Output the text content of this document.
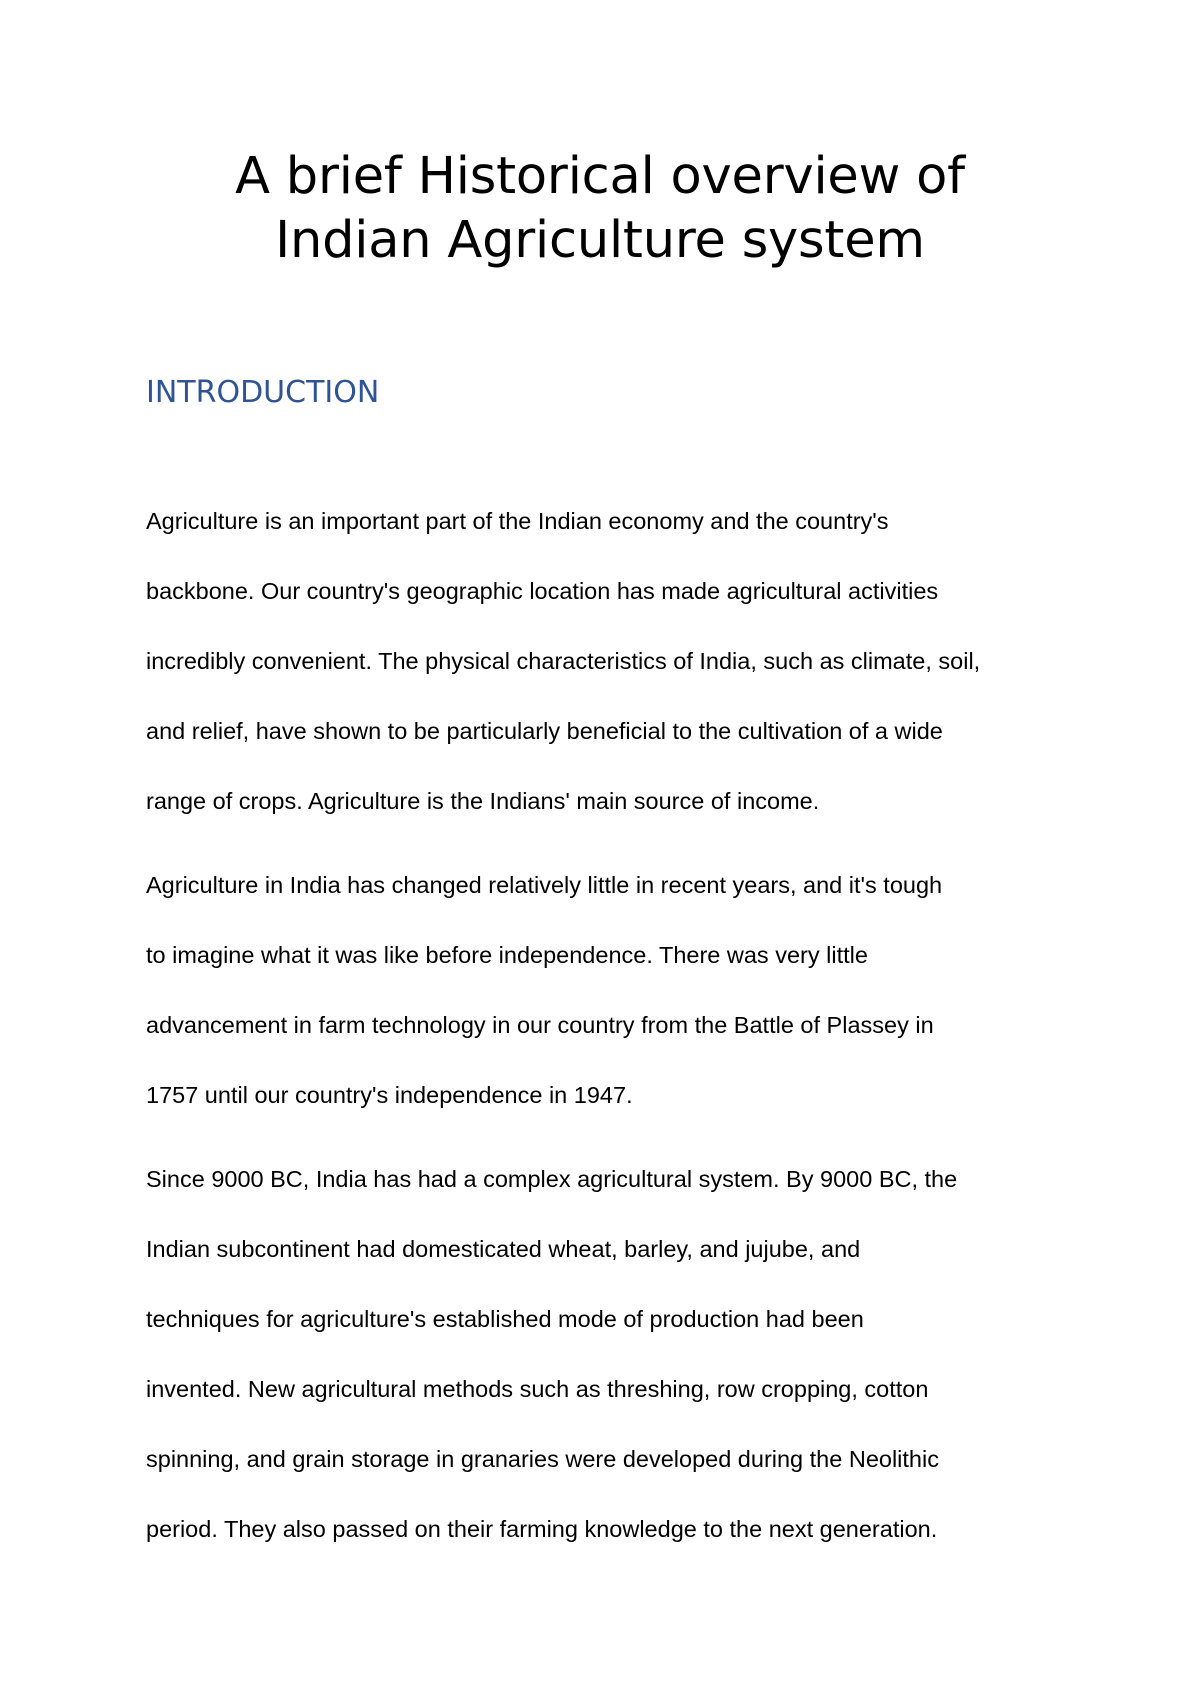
A brief Historical overview of
Indian Agriculture system
INTRODUCTION

Agriculture is an important part of the Indian economy and the country's

backbone. Our country's geographic location has made agricultural activities

incredibly convenient. The physical characteristics of India, such as climate, soil,

and relief, have shown to be particularly beneficial to the cultivation of a wide

range of crops. Agriculture is the Indians' main source of income.

Agriculture in India has changed relatively little in recent years, and it's tough

to imagine what it was like before independence. There was very little

advancement in farm technology in our country from the Battle of Plassey in

1757 until our country's independence in 1947.

Since 9000 BC, India has had a complex agricultural system. By 9000 BC, the

Indian subcontinent had domesticated wheat, barley, and jujube, and

techniques for agriculture's established mode of production had been

invented. New agricultural methods such as threshing, row cropping, cotton

spinning, and grain storage in granaries were developed during the Neolithic

period. They also passed on their farming knowledge to the next generation.
